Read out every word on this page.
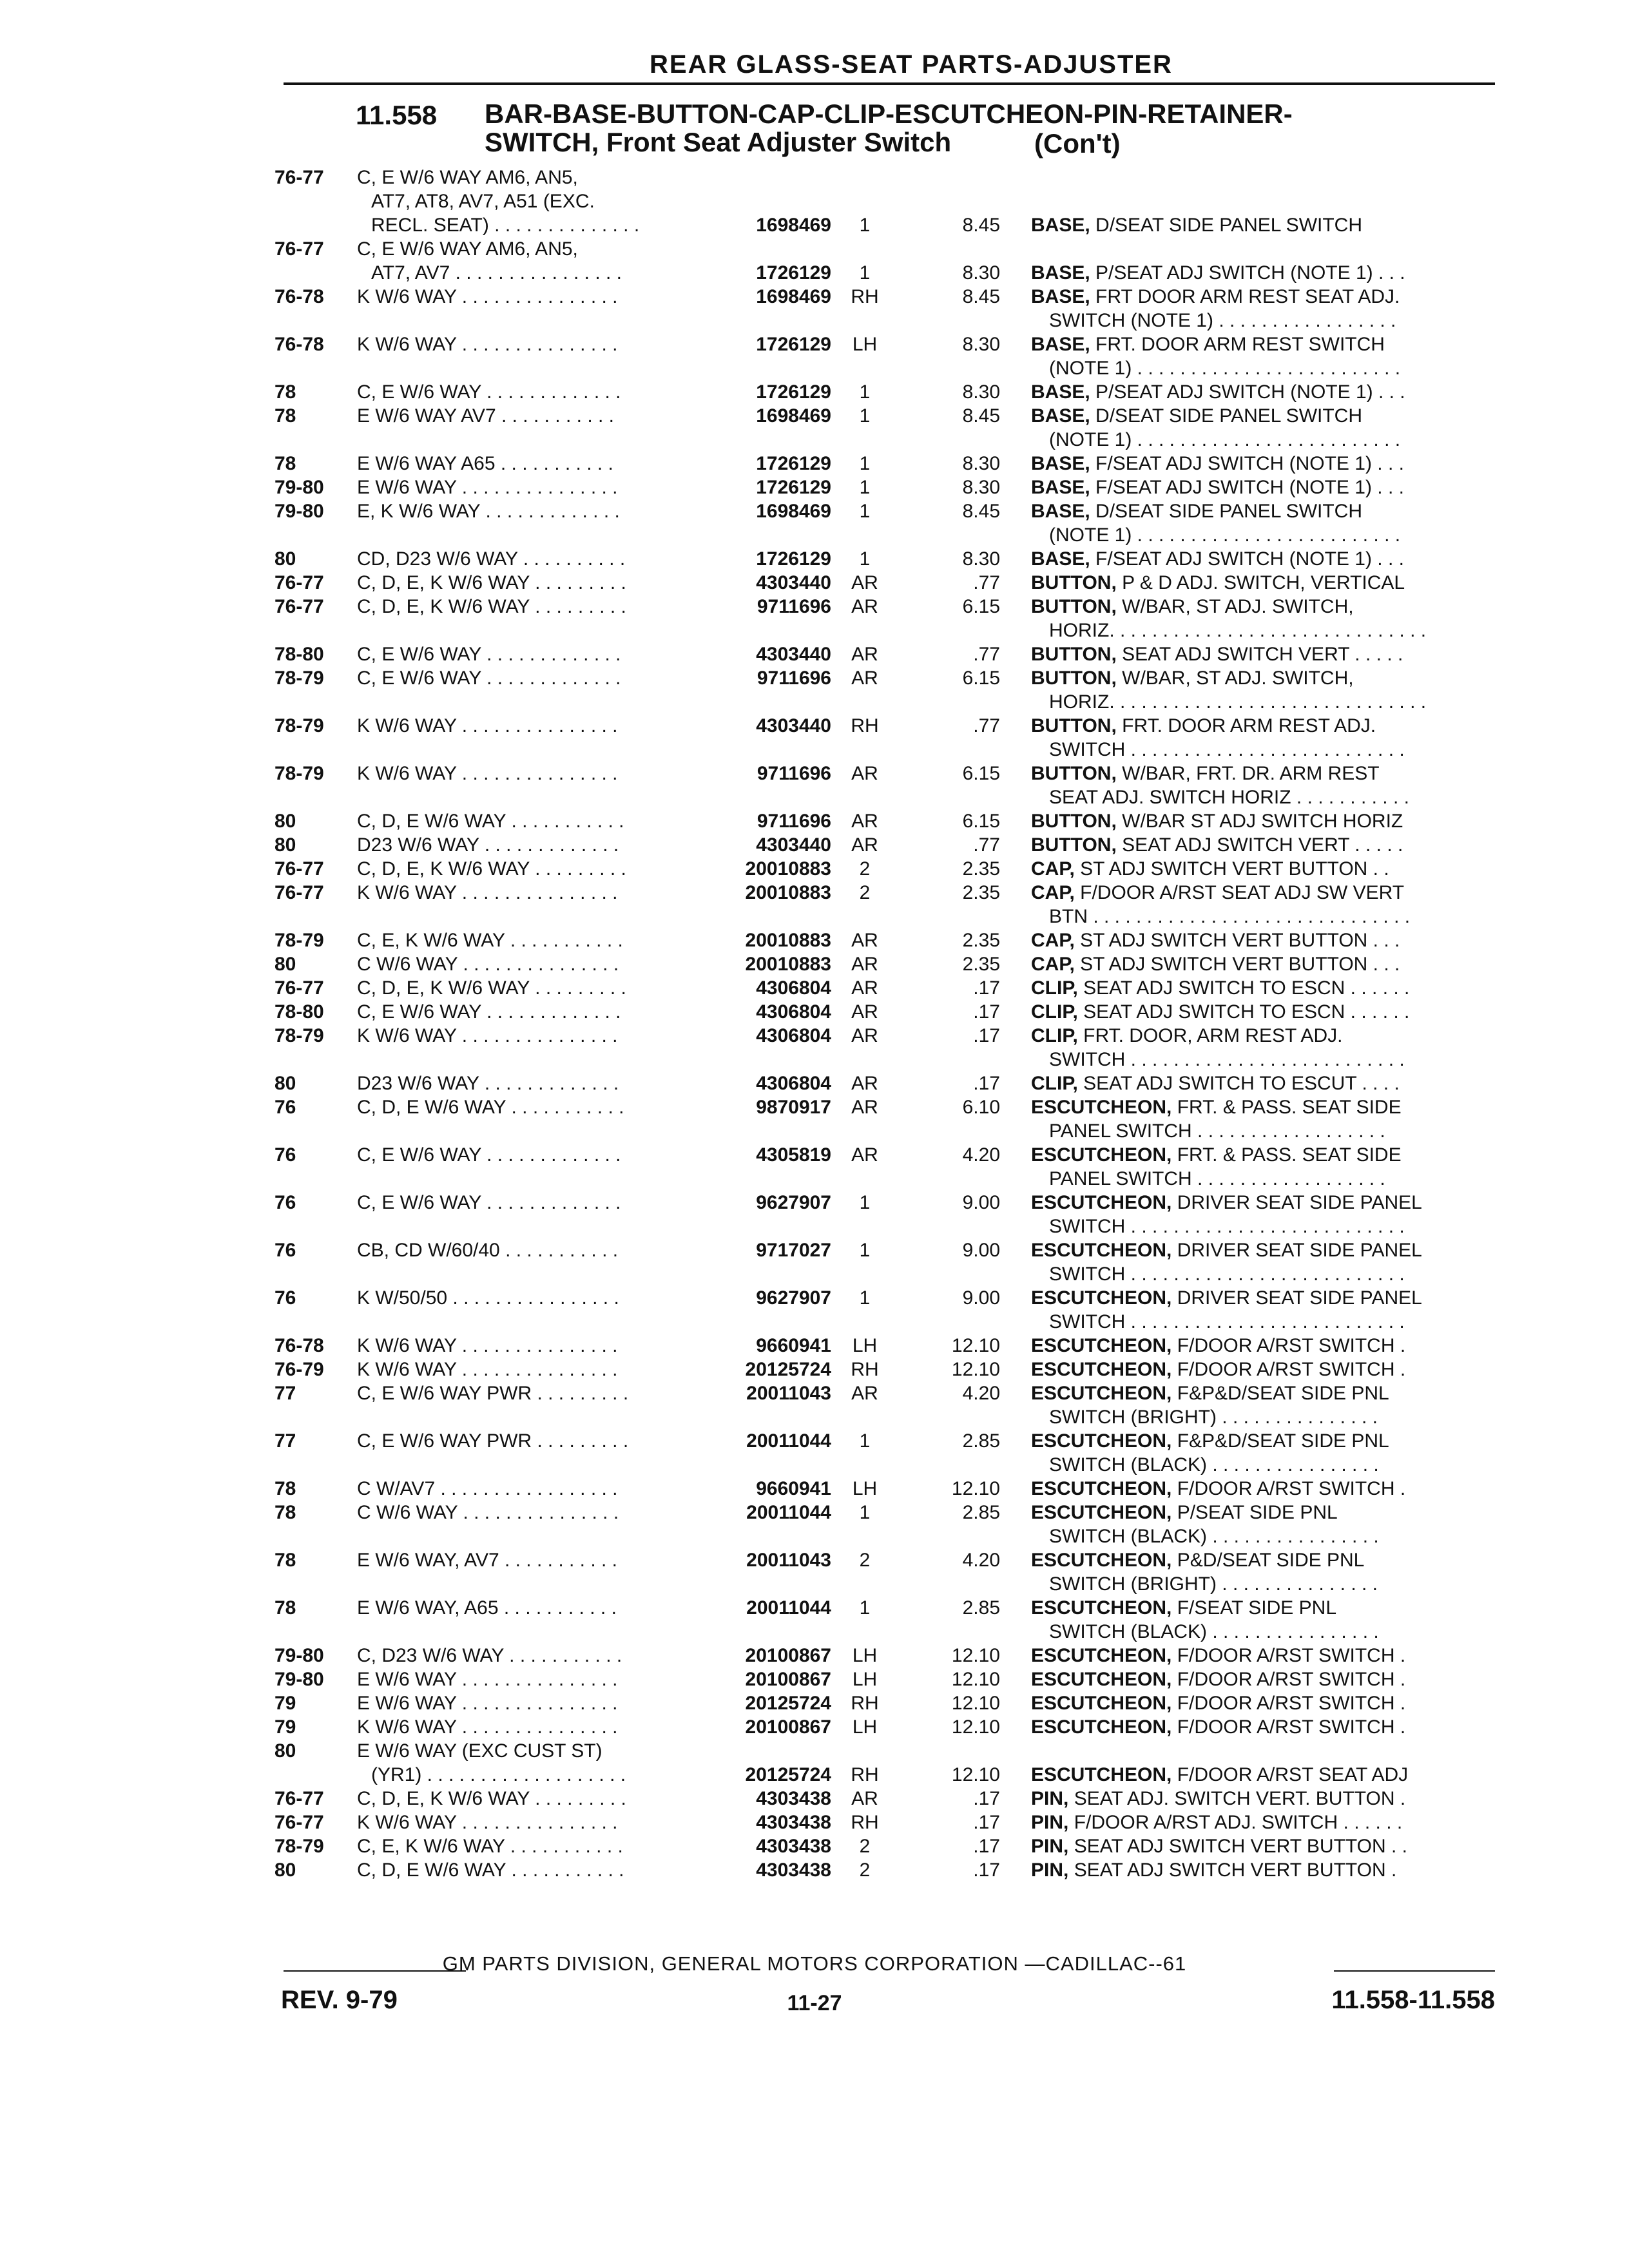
REAR GLASS-SEAT PARTS-ADJUSTER
11.558 BAR-BASE-BUTTON-CAP-CLIP-ESCUTCHEON-PIN-RETAINER-
SWITCH, Front Seat Adjuster Switch	(Con't)
76-77 C, E W/6 WAY AM6, AN5,
AT7, AT8, AV7, A51 (EXC.
RECL. SEAT) . . . . . . . . . . . . . .	1698469	1	8.45 BASE, D/SEAT SIDE PANEL SWITCH
76-77 C, E W/6 WAY AM6, AN5,
AT7, AV7 . . . . . . . . . . . . . . . .	1726129	1	8.30 BASE, P/SEAT ADJ SWITCH (NOTE 1) . . .
76-78 K W/6 WAY . . . . . . . . . . . . . . .	1698469	RH	8.45 BASE, FRT DOOR ARM REST SEAT ADJ.
SWITCH (NOTE 1) . . . . . . . . . . . . . . . . .
76-78 K W/6 WAY . . . . . . . . . . . . . . .	1726129	LH	8.30 BASE, FRT. DOOR ARM REST SWITCH
(NOTE 1) . . . . . . . . . . . . . . . . . . . . . . . . .
78	C, E W/6 WAY . . . . . . . . . . . . .	1726129	1	8.30 BASE, P/SEAT ADJ SWITCH (NOTE 1) . . .
78	E W/6 WAY AV7 . . . . . . . . . . .	1698469	1	8.45 BASE, D/SEAT SIDE PANEL SWITCH
(NOTE 1) . . . . . . . . . . . . . . . . . . . . . . . . .
78	E W/6 WAY A65 . . . . . . . . . . .	1726129	1	8.30 BASE, F/SEAT ADJ SWITCH (NOTE 1) . . .
79-80 E W/6 WAY . . . . . . . . . . . . . . .	1726129	1	8.30 BASE, F/SEAT ADJ SWITCH (NOTE 1) . . .
79-80 E, K W/6 WAY . . . . . . . . . . . . .	1698469	1	8.45 BASE, D/SEAT SIDE PANEL SWITCH
(NOTE 1) . . . . . . . . . . . . . . . . . . . . . . . . .
80	CD, D23 W/6 WAY . . . . . . . . . .	1726129	1	8.30 BASE, F/SEAT ADJ SWITCH (NOTE 1) . . .
76-77 C, D, E, K W/6 WAY . . . . . . . . .	4303440	AR	.77 BUTTON, P & D ADJ. SWITCH, VERTICAL
76-77 C, D, E, K W/6 WAY . . . . . . . . .	9711696	AR	6.15 BUTTON, W/BAR, ST ADJ. SWITCH,
HORIZ. . . . . . . . . . . . . . . . . . . . . . . . . . . . . .
78-80 C, E W/6 WAY . . . . . . . . . . . . .	4303440	AR	.77 BUTTON, SEAT ADJ SWITCH VERT . . . . .
78-79 C, E W/6 WAY . . . . . . . . . . . . .	9711696	AR	6.15 BUTTON, W/BAR, ST ADJ. SWITCH,
HORIZ. . . . . . . . . . . . . . . . . . . . . . . . . . . . . .
78-79 K W/6 WAY . . . . . . . . . . . . . . .	4303440	RH	.77 BUTTON, FRT. DOOR ARM REST ADJ.
SWITCH . . . . . . . . . . . . . . . . . . . . . . . . . .
78-79 K W/6 WAY . . . . . . . . . . . . . . .	9711696	AR	6.15 BUTTON, W/BAR, FRT. DR. ARM REST
SEAT ADJ. SWITCH HORIZ . . . . . . . . . . .
80	C, D, E W/6 WAY . . . . . . . . . . .	9711696	AR	6.15 BUTTON, W/BAR ST ADJ SWITCH HORIZ
80	D23 W/6 WAY . . . . . . . . . . . . .	4303440	AR	.77 BUTTON, SEAT ADJ SWITCH VERT . . . . .
76-77 C, D, E, K W/6 WAY . . . . . . . . .	20010883	2	2.35 CAP, ST ADJ SWITCH VERT BUTTON . .
76-77 K W/6 WAY . . . . . . . . . . . . . . .	20010883	2	2.35 CAP, F/DOOR A/RST SEAT ADJ SW VERT
BTN . . . . . . . . . . . . . . . . . . . . . . . . . . . . . .
78-79 C, E, K W/6 WAY . . . . . . . . . . .	20010883	AR	2.35 CAP, ST ADJ SWITCH VERT BUTTON . . .
80	C W/6 WAY . . . . . . . . . . . . . . .	20010883	AR	2.35 CAP, ST ADJ SWITCH VERT BUTTON . . .
76-77 C, D, E, K W/6 WAY . . . . . . . . .	4306804	AR	.17 CLIP, SEAT ADJ SWITCH TO ESCN . . . . . .
78-80 C, E W/6 WAY . . . . . . . . . . . . .	4306804	AR	.17 CLIP, SEAT ADJ SWITCH TO ESCN . . . . . .
78-79 K W/6 WAY . . . . . . . . . . . . . . .	4306804	AR	.17 CLIP, FRT. DOOR, ARM REST ADJ.
SWITCH . . . . . . . . . . . . . . . . . . . . . . . . . .
80	D23 W/6 WAY . . . . . . . . . . . . .	4306804	AR	.17 CLIP, SEAT ADJ SWITCH TO ESCUT . . . .
76	C, D, E W/6 WAY . . . . . . . . . . .	9870917	AR	6.10 ESCUTCHEON, FRT. & PASS. SEAT SIDE
PANEL SWITCH . . . . . . . . . . . . . . . . . .
76	C, E W/6 WAY . . . . . . . . . . . . .	4305819	AR	4.20 ESCUTCHEON, FRT. & PASS. SEAT SIDE
PANEL SWITCH . . . . . . . . . . . . . . . . . .
76	C, E W/6 WAY . . . . . . . . . . . . .	9627907	1	9.00 ESCUTCHEON, DRIVER SEAT SIDE PANEL
SWITCH . . . . . . . . . . . . . . . . . . . . . . . . . .
76	CB, CD W/60/40 . . . . . . . . . . .	9717027	1	9.00 ESCUTCHEON, DRIVER SEAT SIDE PANEL
SWITCH . . . . . . . . . . . . . . . . . . . . . . . . . .
76	K W/50/50 . . . . . . . . . . . . . . . .	9627907	1	9.00 ESCUTCHEON, DRIVER SEAT SIDE PANEL
SWITCH . . . . . . . . . . . . . . . . . . . . . . . . . .
76-78 K W/6 WAY . . . . . . . . . . . . . . .	9660941	LH	12.10 ESCUTCHEON, F/DOOR A/RST SWITCH .
76-79 K W/6 WAY . . . . . . . . . . . . . . .	20125724	RH	12.10 ESCUTCHEON, F/DOOR A/RST SWITCH .
77	C, E W/6 WAY PWR . . . . . . . . .	20011043	AR	4.20 ESCUTCHEON, F&P&D/SEAT SIDE PNL
SWITCH (BRIGHT) . . . . . . . . . . . . . . .
77	C, E W/6 WAY PWR . . . . . . . . .	20011044	1	2.85 ESCUTCHEON, F&P&D/SEAT SIDE PNL
SWITCH (BLACK) . . . . . . . . . . . . . . . .
78	C W/AV7 . . . . . . . . . . . . . . . . .	9660941	LH	12.10 ESCUTCHEON, F/DOOR A/RST SWITCH .
78	C W/6 WAY . . . . . . . . . . . . . . .	20011044	1	2.85 ESCUTCHEON, P/SEAT SIDE PNL
SWITCH (BLACK) . . . . . . . . . . . . . . . .
78	E W/6 WAY, AV7 . . . . . . . . . . .	20011043	2	4.20 ESCUTCHEON, P&D/SEAT SIDE PNL
SWITCH (BRIGHT) . . . . . . . . . . . . . . .
78	E W/6 WAY, A65 . . . . . . . . . . .	20011044	1	2.85 ESCUTCHEON, F/SEAT SIDE PNL
SWITCH (BLACK) . . . . . . . . . . . . . . . .
79-80 C, D23 W/6 WAY . . . . . . . . . . .	20100867	LH	12.10 ESCUTCHEON, F/DOOR A/RST SWITCH .
79-80 E W/6 WAY . . . . . . . . . . . . . . .	20100867	LH	12.10 ESCUTCHEON, F/DOOR A/RST SWITCH .
79	E W/6 WAY . . . . . . . . . . . . . . .	20125724	RH	12.10 ESCUTCHEON, F/DOOR A/RST SWITCH .
79	K W/6 WAY . . . . . . . . . . . . . . .	20100867	LH	12.10 ESCUTCHEON, F/DOOR A/RST SWITCH .
80	E W/6 WAY (EXC CUST ST)
(YR1) . . . . . . . . . . . . . . . . . . .	20125724	RH	12.10 ESCUTCHEON, F/DOOR A/RST SEAT ADJ
76-77 C, D, E, K W/6 WAY . . . . . . . . .	4303438	AR	.17 PIN, SEAT ADJ. SWITCH VERT. BUTTON .
76-77 K W/6 WAY . . . . . . . . . . . . . . .	4303438	RH	.17 PIN, F/DOOR A/RST ADJ. SWITCH . . . . . .
78-79 C, E, K W/6 WAY . . . . . . . . . . .	4303438	2	.17 PIN, SEAT ADJ SWITCH VERT BUTTON . .
80	C, D, E W/6 WAY . . . . . . . . . . .	4303438	2	.17 PIN, SEAT ADJ SWITCH VERT BUTTON .
GM PARTS DIVISION, GENERAL MOTORS CORPORATION —CADILLAC--61
REV. 9-79	11-27	11.558-11.558
